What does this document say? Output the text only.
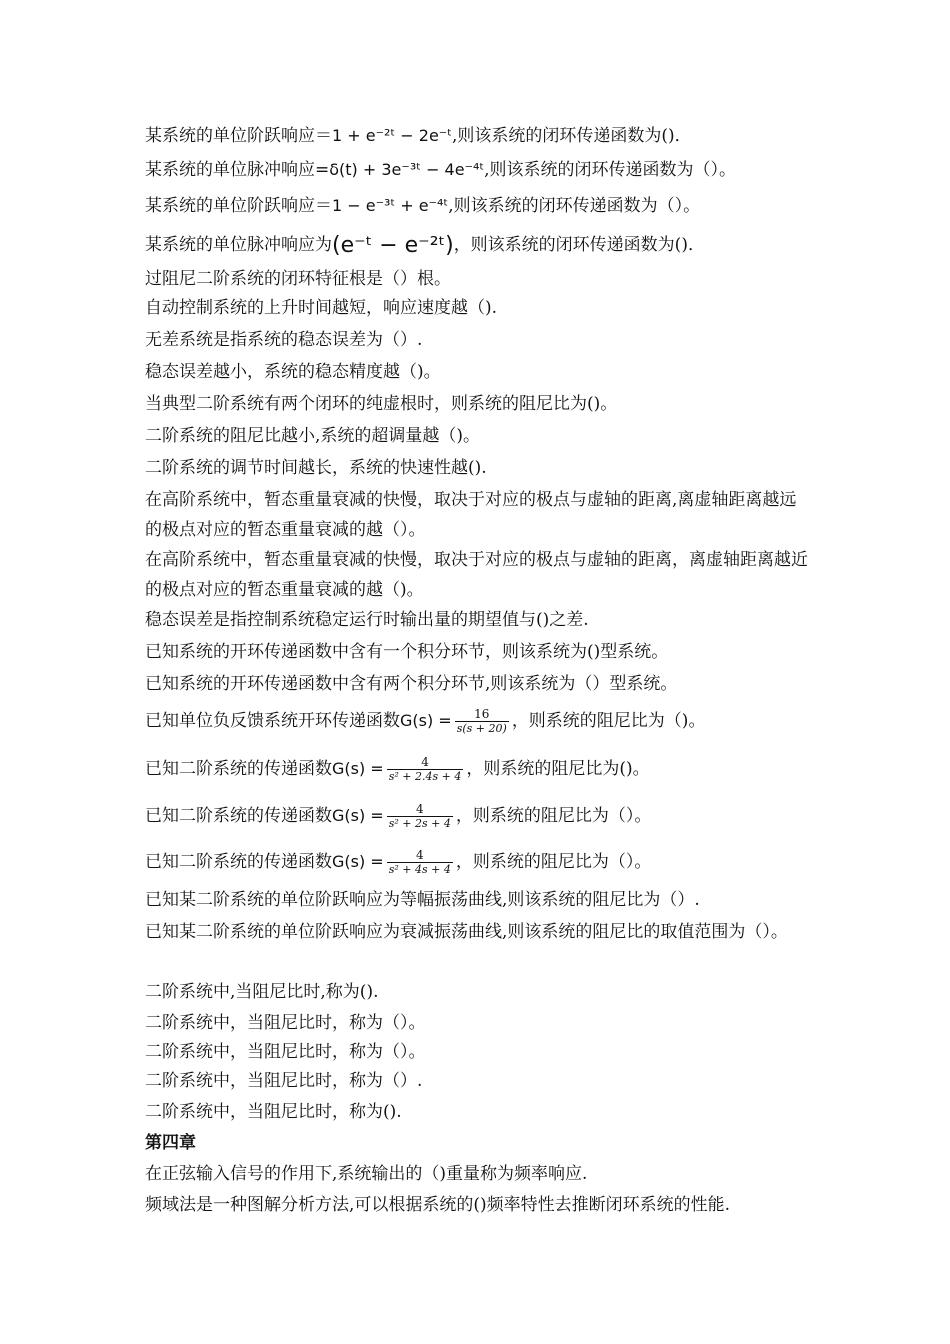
某系统的单位阶跃响应＝1 + e⁻²ᵗ − 2e⁻ᵗ,则该系统的闭环传递函数为()．
某系统的单位脉冲响应=δ(t) + 3e⁻³ᵗ − 4e⁻⁴ᵗ,则该系统的闭环传递函数为（）。
某系统的单位阶跃响应＝1 − e⁻³ᵗ + e⁻⁴ᵗ,则该系统的闭环传递函数为（）。
某系统的单位脉冲响应为(e⁻ᵗ − e⁻²ᵗ)，则该系统的闭环传递函数为()．
过阻尼二阶系统的闭环特征根是（）根。
自动控制系统的上升时间越短，响应速度越（).
无差系统是指系统的稳态误差为（）.
稳态误差越小，系统的稳态精度越（)。
当典型二阶系统有两个闭环的纯虚根时，则系统的阻尼比为()。
二阶系统的阻尼比越小,系统的超调量越（)。
二阶系统的调节时间越长，系统的快速性越().
在高阶系统中，暂态重量衰减的快慢，取决于对应的极点与虚轴的距离,离虚轴距离越远的极点对应的暂态重量衰减的越（）。
在高阶系统中，暂态重量衰减的快慢，取决于对应的极点与虚轴的距离，离虚轴距离越近的极点对应的暂态重量衰减的越（)。
稳态误差是指控制系统稳定运行时输出量的期望值与()之差.
已知系统的开环传递函数中含有一个积分环节，则该系统为()型系统。
已知系统的开环传递函数中含有两个积分环节,则该系统为（）型系统。
已知单位负反馈系统开环传递函数$G(s) = \frac{16}{s(s + 20)}$ ，则系统的阻尼比为（)。
已知二阶系统的传递函数$G(s) = \frac{4}{\text{s² + 2.4s + 4}}$ ，则系统的阻尼比为()。
已知二阶系统的传递函数$G(s) = \frac{4}{\text{s² + 2s + 4}}$ ，则系统的阻尼比为（）。
已知二阶系统的传递函数$G(s) = \frac{4}{\text{s² + 4s + 4}}$ ，则系统的阻尼比为（）。
已知某二阶系统的单位阶跃响应为等幅振荡曲线,则该系统的阻尼比为（）.
已知某二阶系统的单位阶跃响应为衰减振荡曲线,则该系统的阻尼比的取值范围为（）。
二阶系统中,当阻尼比时,称为().
二阶系统中，当阻尼比时，称为（）。
二阶系统中，当阻尼比时，称为（）。
二阶系统中，当阻尼比时，称为（）.
二阶系统中，当阻尼比时，称为().
第四章
在正弦输入信号的作用下,系统输出的（)重量称为频率响应.
频域法是一种图解分析方法,可以根据系统的()频率特性去推断闭环系统的性能.
